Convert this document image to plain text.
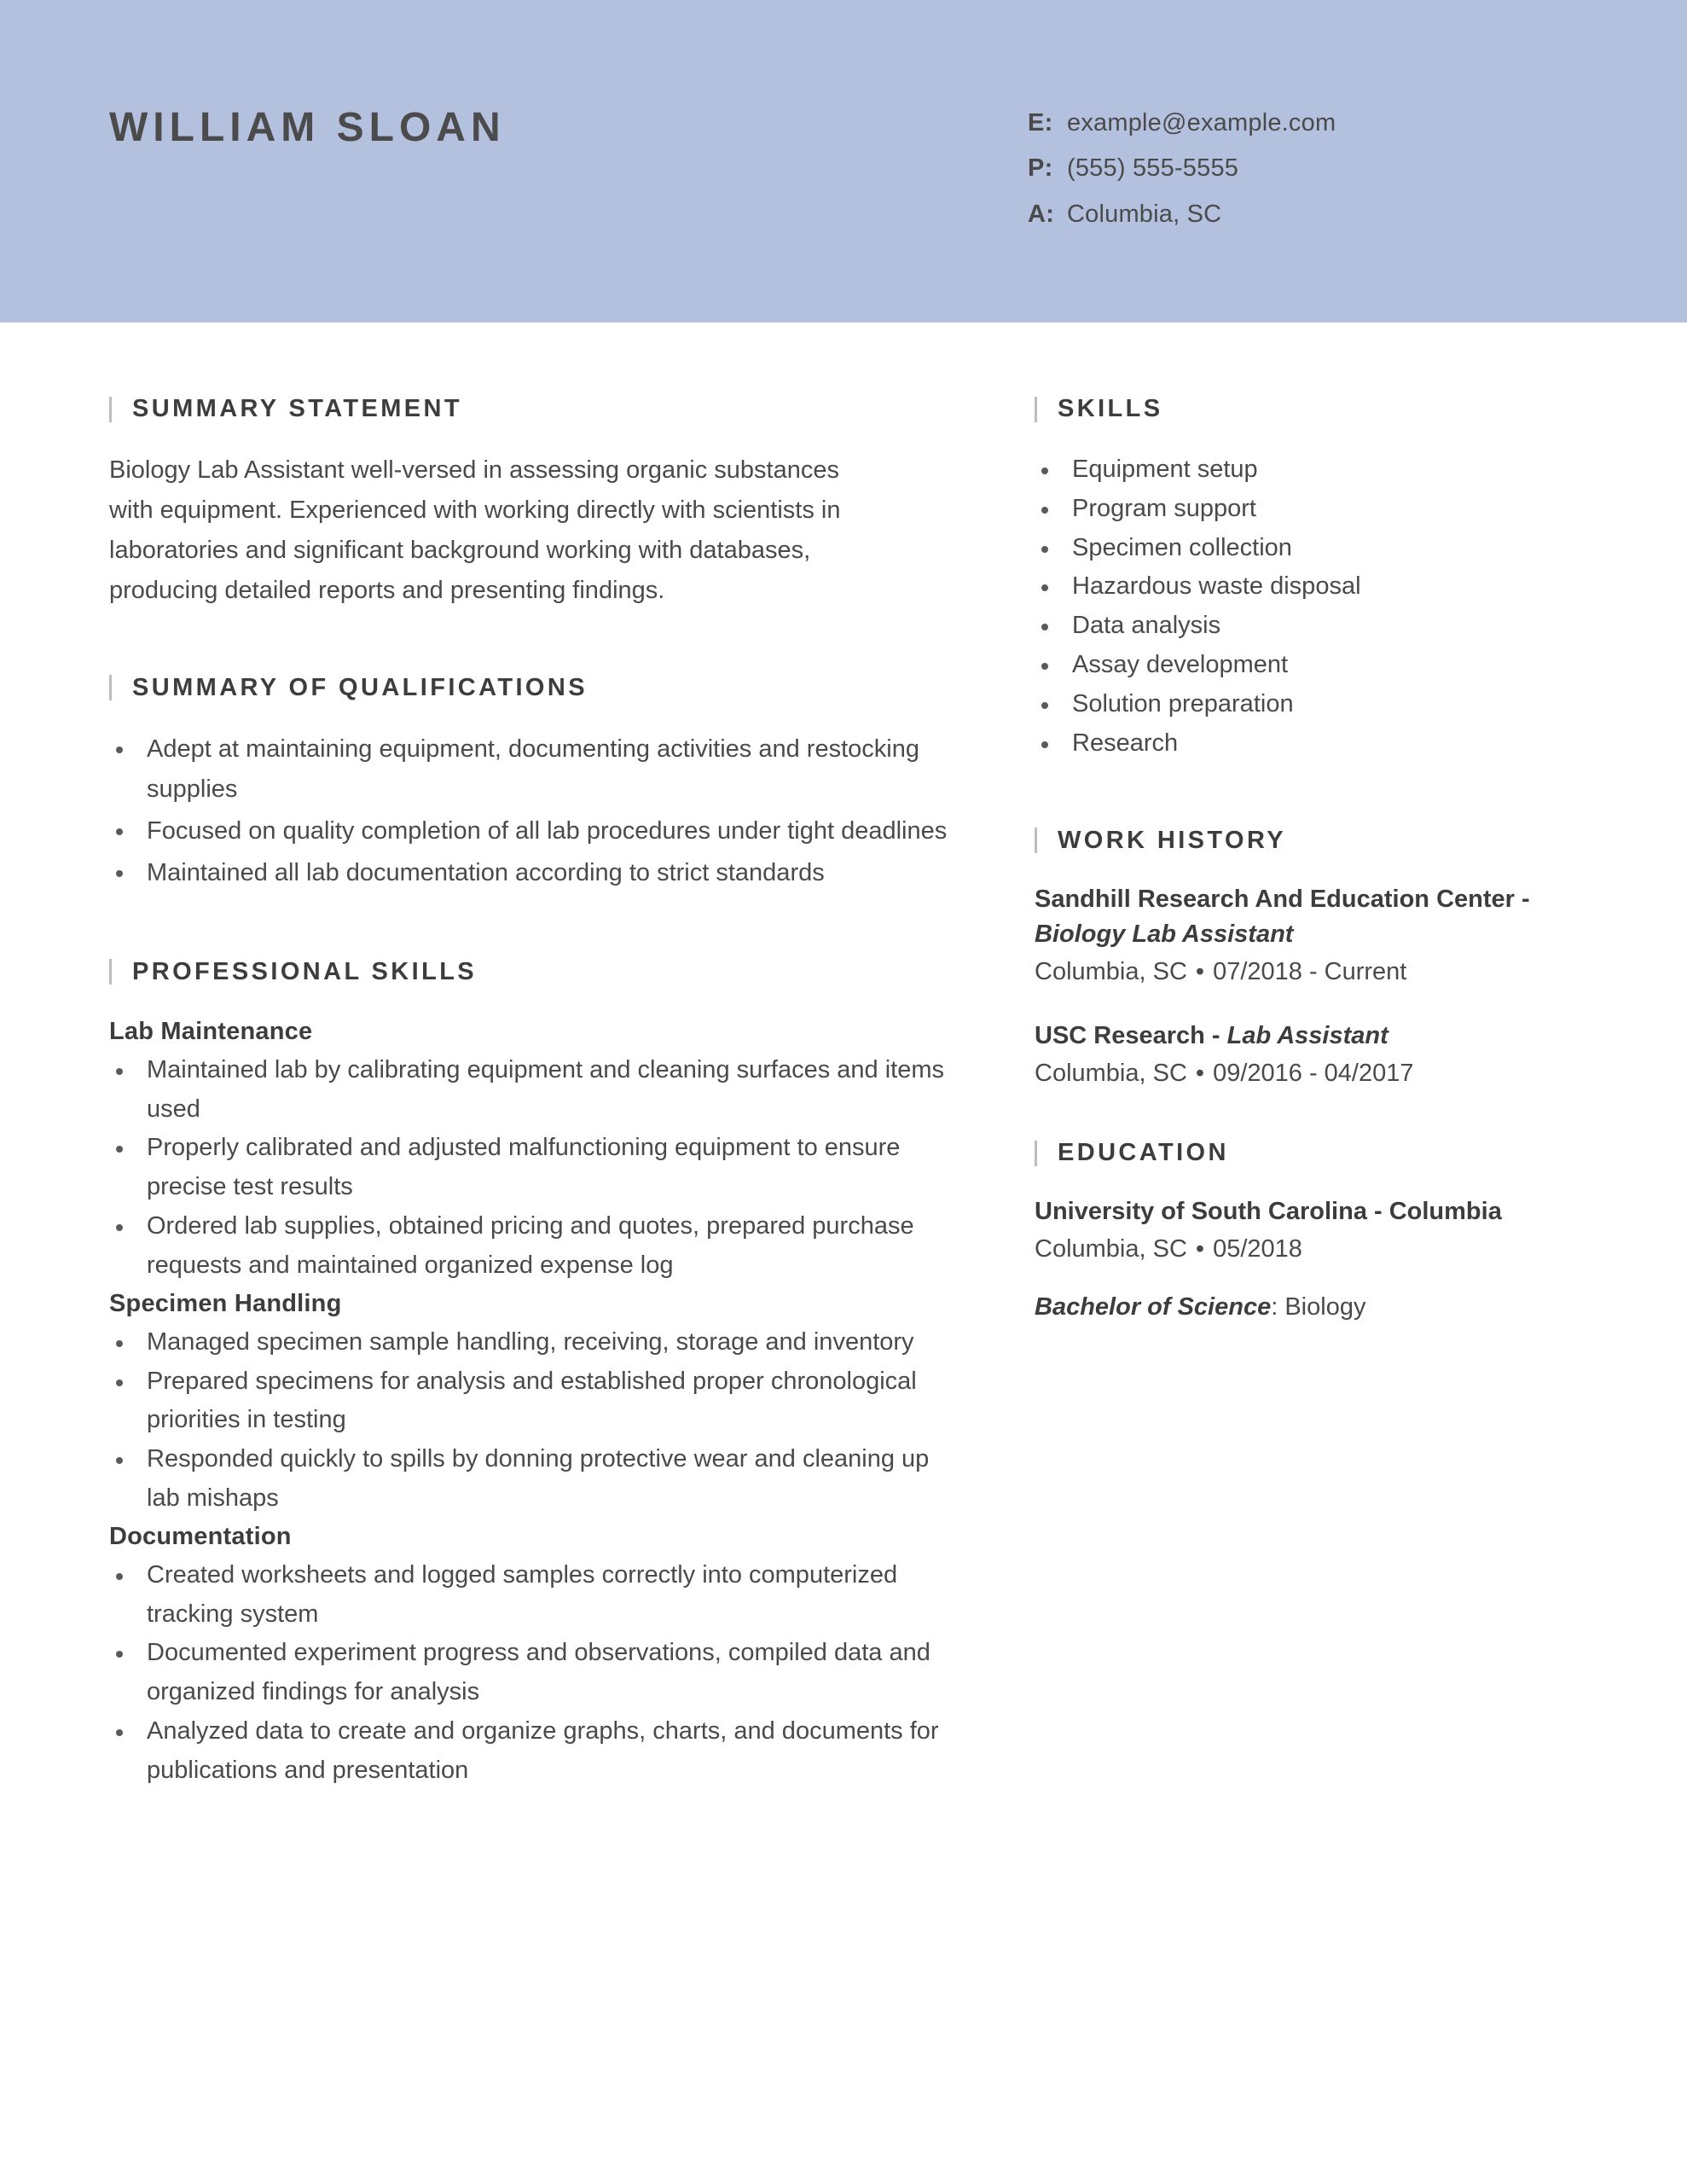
WILLIAM SLOAN	E: example@example.com
P: (555) 555-5555
A: Columbia, SC
SUMMARY STATEMENT
Biology Lab Assistant well-versed in assessing organic substances with equipment. Experienced with working directly with scientists in laboratories and significant background working with databases, producing detailed reports and presenting findings.
SUMMARY OF QUALIFICATIONS
Adept at maintaining equipment, documenting activities and restocking supplies
Focused on quality completion of all lab procedures under tight deadlines
Maintained all lab documentation according to strict standards
PROFESSIONAL SKILLS
Lab Maintenance
Maintained lab by calibrating equipment and cleaning surfaces and items used
Properly calibrated and adjusted malfunctioning equipment to ensure precise test results
Ordered lab supplies, obtained pricing and quotes, prepared purchase requests and maintained organized expense log
Specimen Handling
Managed specimen sample handling, receiving, storage and inventory
Prepared specimens for analysis and established proper chronological priorities in testing
Responded quickly to spills by donning protective wear and cleaning up lab mishaps
Documentation
Created worksheets and logged samples correctly into computerized tracking system
Documented experiment progress and observations, compiled data and organized findings for analysis
Analyzed data to create and organize graphs, charts, and documents for publications and presentation
SKILLS
Equipment setup
Program support
Specimen collection
Hazardous waste disposal
Data analysis
Assay development
Solution preparation
Research
WORK HISTORY
Sandhill Research And Education Center - Biology Lab Assistant
Columbia, SC • 07/2018 - Current
USC Research - Lab Assistant
Columbia, SC • 09/2016 - 04/2017
EDUCATION
University of South Carolina - Columbia
Columbia, SC • 05/2018
Bachelor of Science: Biology
